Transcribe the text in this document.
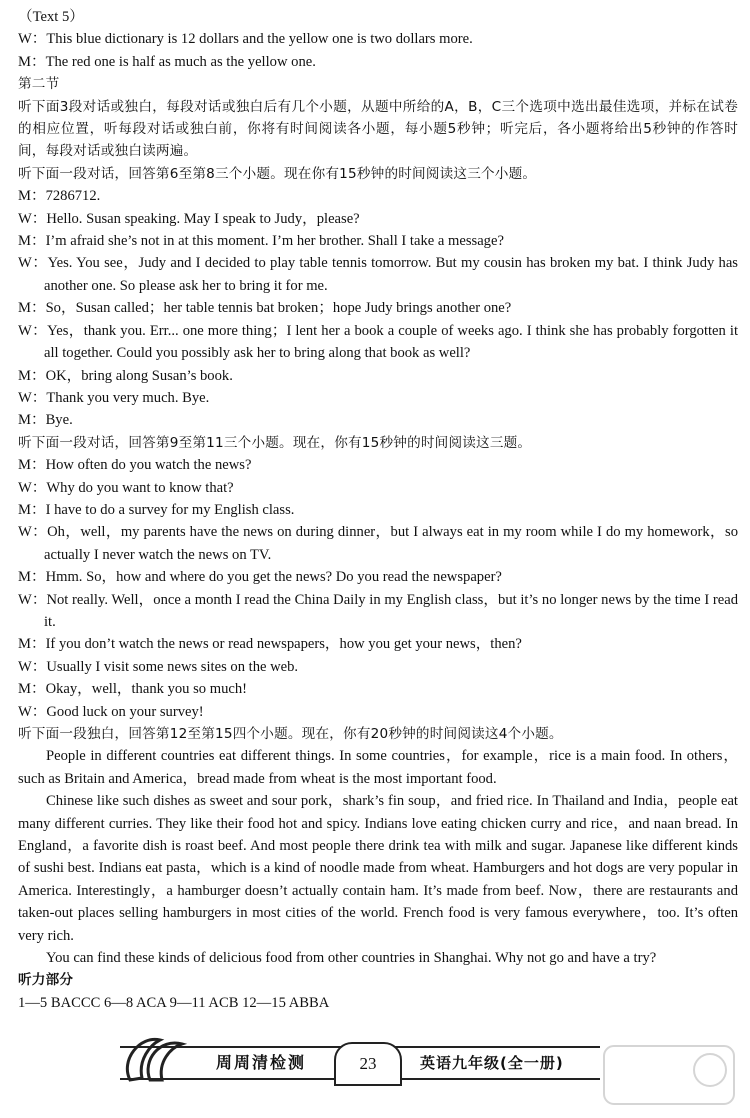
（Text 5）
W：This blue dictionary is 12 dollars and the yellow one is two dollars more.
M：The red one is half as much as the yellow one.
第二节
听下面3段对话或独白，每段对话或独白后有几个小题，从题中所给的A，B，C三个选项中选出最佳选项，并标在试卷的相应位置，听每段对话或独白前，你将有时间阅读各小题，每小题5秒钟；听完后，各小题将给出5秒钟的作答时间，每段对话或独白读两遍。
听下面一段对话，回答第6至第8三个小题。现在你有15秒钟的时间阅读这三个小题。
M：7286712.
W：Hello. Susan speaking. May I speak to Judy，please?
M：I’m afraid she’s not in at this moment. I’m her brother. Shall I take a message?
W：Yes. You see，Judy and I decided to play table tennis tomorrow. But my cousin has broken my bat. I think Judy has another one. So please ask her to bring it for me.
M：So，Susan called；her table tennis bat broken；hope Judy brings another one?
W：Yes，thank you. Err... one more thing；I lent her a book a couple of weeks ago. I think she has probably forgotten it all together. Could you possibly ask her to bring along that book as well?
M：OK，bring along Susan’s book.
W：Thank you very much. Bye.
M：Bye.
听下面一段对话，回答第9至第11三个小题。现在，你有15秒钟的时间阅读这三题。
M：How often do you watch the news?
W：Why do you want to know that?
M：I have to do a survey for my English class.
W：Oh，well，my parents have the news on during dinner，but I always eat in my room while I do my homework，so actually I never watch the news on TV.
M：Hmm. So，how and where do you get the news? Do you read the newspaper?
W：Not really. Well，once a month I read the China Daily in my English class，but it’s no longer news by the time I read it.
M：If you don’t watch the news or read newspapers，how you get your news，then?
W：Usually I visit some news sites on the web.
M：Okay，well，thank you so much!
W：Good luck on your survey!
听下面一段独白，回答第12至第15四个小题。现在，你有20秒钟的时间阅读这4个小题。
People in different countries eat different things. In some countries，for example，rice is a main food. In others，such as Britain and America，bread made from wheat is the most important food.
Chinese like such dishes as sweet and sour pork，shark’s fin soup，and fried rice. In Thailand and India，people eat many different curries. They like their food hot and spicy. Indians love eating chicken curry and rice，and naan bread. In England，a favorite dish is roast beef. And most people there drink tea with milk and sugar. Japanese like different kinds of sushi best. Indians eat pasta，which is a kind of noodle made from wheat. Hamburgers and hot dogs are very popular in America. Interestingly，a hamburger doesn’t actually contain ham. It’s made from beef. Now，there are restaurants and taken-out places selling hamburgers in most cities of the world. French food is very famous everywhere，too. It’s often very rich.
You can find these kinds of delicious food from other countries in Shanghai. Why not go and have a try?
听力部分
1—5 BACCC 6—8 ACA 9—11 ACB 12—15 ABBA
周周清检测	23	英语九年级(全一册)
